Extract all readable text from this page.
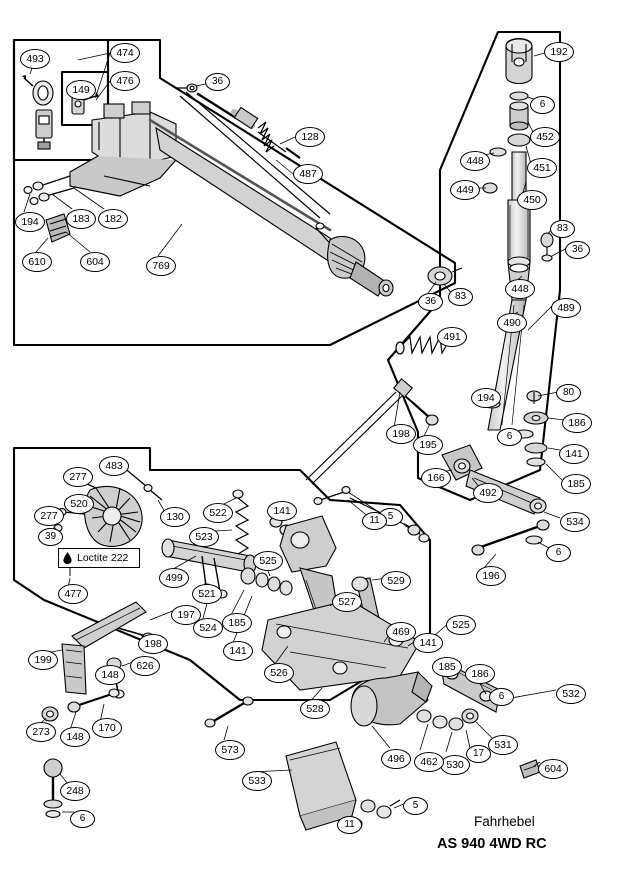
Loctite 222
493	474
476
149
36
128
487
194	183	182
610	604	769
192
6
452
448
451
449
450
83
36
36	83
448
489
490
491
198
195
194	80
186
6
141
166
492
185
534
6
196
483
277
520
277
39
130	522
523
141	5
11
525
499
477	521
529
527
524	185
197
198
141
469
141
525
526
199
148
626	185
186
6	532
528
273	148
170
531
17
530
462
496
604
573
533
248
6
11
5
Fahrhebel
AS 940 4WD RC
